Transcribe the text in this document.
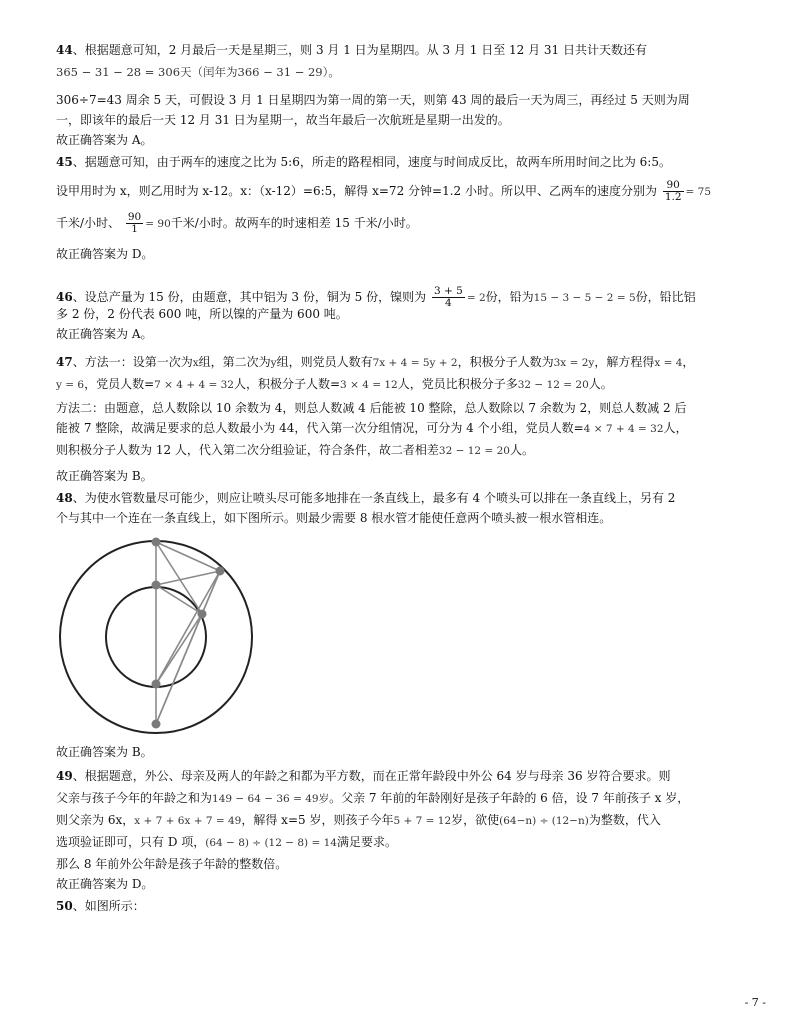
44、根据题意可知，2 月最后一天是星期三，则 3 月 1 日为星期四。从 3 月 1 日至 12 月 31 日共计天数还有
365 − 31 − 28 = 306天（闰年为366 − 31 − 29）。
306÷7=43 周余 5 天，可假设 3 月 1 日星期四为第一周的第一天，则第 43 周的最后一天为周三，再经过 5 天则为周
一，即该年的最后一天 12 月 31 日为星期一，故当年最后一次航班是星期一出发的。
故正确答案为 A。
45、据题意可知，由于两车的速度之比为 5:6，所走的路程相同，速度与时间成反比，故两车所用时间之比为 6:5。
设甲用时为 x，则乙用时为 x-12。x：（x-12）=6:5，解得 x=72 分钟=1.2 小时。所以甲、乙两车的速度分别为 $\frac{90}{1.2} = 75$
千米/小时、 $\frac{90}{1} = 90$千米/小时。故两车的时速相差 15 千米/小时。
故正确答案为 D。
46、设总产量为 15 份，由题意，其中铝为 3 份，铜为 5 份，镍则为 $\frac{3 + 5}{4} = 2$份，铅为15 − 3 − 5 − 2 = 5份，铅比铝
多 2 份，2 份代表 600 吨，所以镍的产量为 600 吨。
故正确答案为 A。
47、方法一：设第一次为x组，第二次为y组，则党员人数有7x + 4 = 5y + 2，积极分子人数为3x = 2y，解方程得x = 4，
y = 6，党员人数=7 × 4 + 4 = 32人，积极分子人数=3 × 4 = 12人，党员比积极分子多32 − 12 = 20人。
方法二：由题意，总人数除以 10 余数为 4，则总人数减 4 后能被 10 整除，总人数除以 7 余数为 2，则总人数减 2 后
能被 7 整除，故满足要求的总人数最小为 44，代入第一次分组情况，可分为 4 个小组，党员人数=4 × 7 + 4 = 32人，
则积极分子人数为 12 人，代入第二次分组验证，符合条件，故二者相差32 − 12 = 20人。
故正确答案为 B。
48、为使水管数量尽可能少，则应让喷头尽可能多地排在一条直线上，最多有 4 个喷头可以排在一条直线上，另有 2
个与其中一个连在一条直线上，如下图所示。则最少需要 8 根水管才能使任意两个喷头被一根水管相连。
故正确答案为 B。
49、根据题意，外公、母亲及两人的年龄之和都为平方数，而在正常年龄段中外公 64 岁与母亲 36 岁符合要求。则
父亲与孩子今年的年龄之和为149 − 64 − 36 = 49岁。父亲 7 年前的年龄刚好是孩子年龄的 6 倍，设 7 年前孩子 x 岁，
则父亲为 6x，x + 7 + 6x + 7 = 49，解得 x=5 岁，则孩子今年5 + 7 = 12岁，欲使(64−n) ÷ (12−n)为整数，代入
选项验证即可，只有 D 项，(64 − 8) ÷ (12 − 8) = 14满足要求。
那么 8 年前外公年龄是孩子年龄的整数倍。
故正确答案为 D。
50、如图所示：
- 7 -
